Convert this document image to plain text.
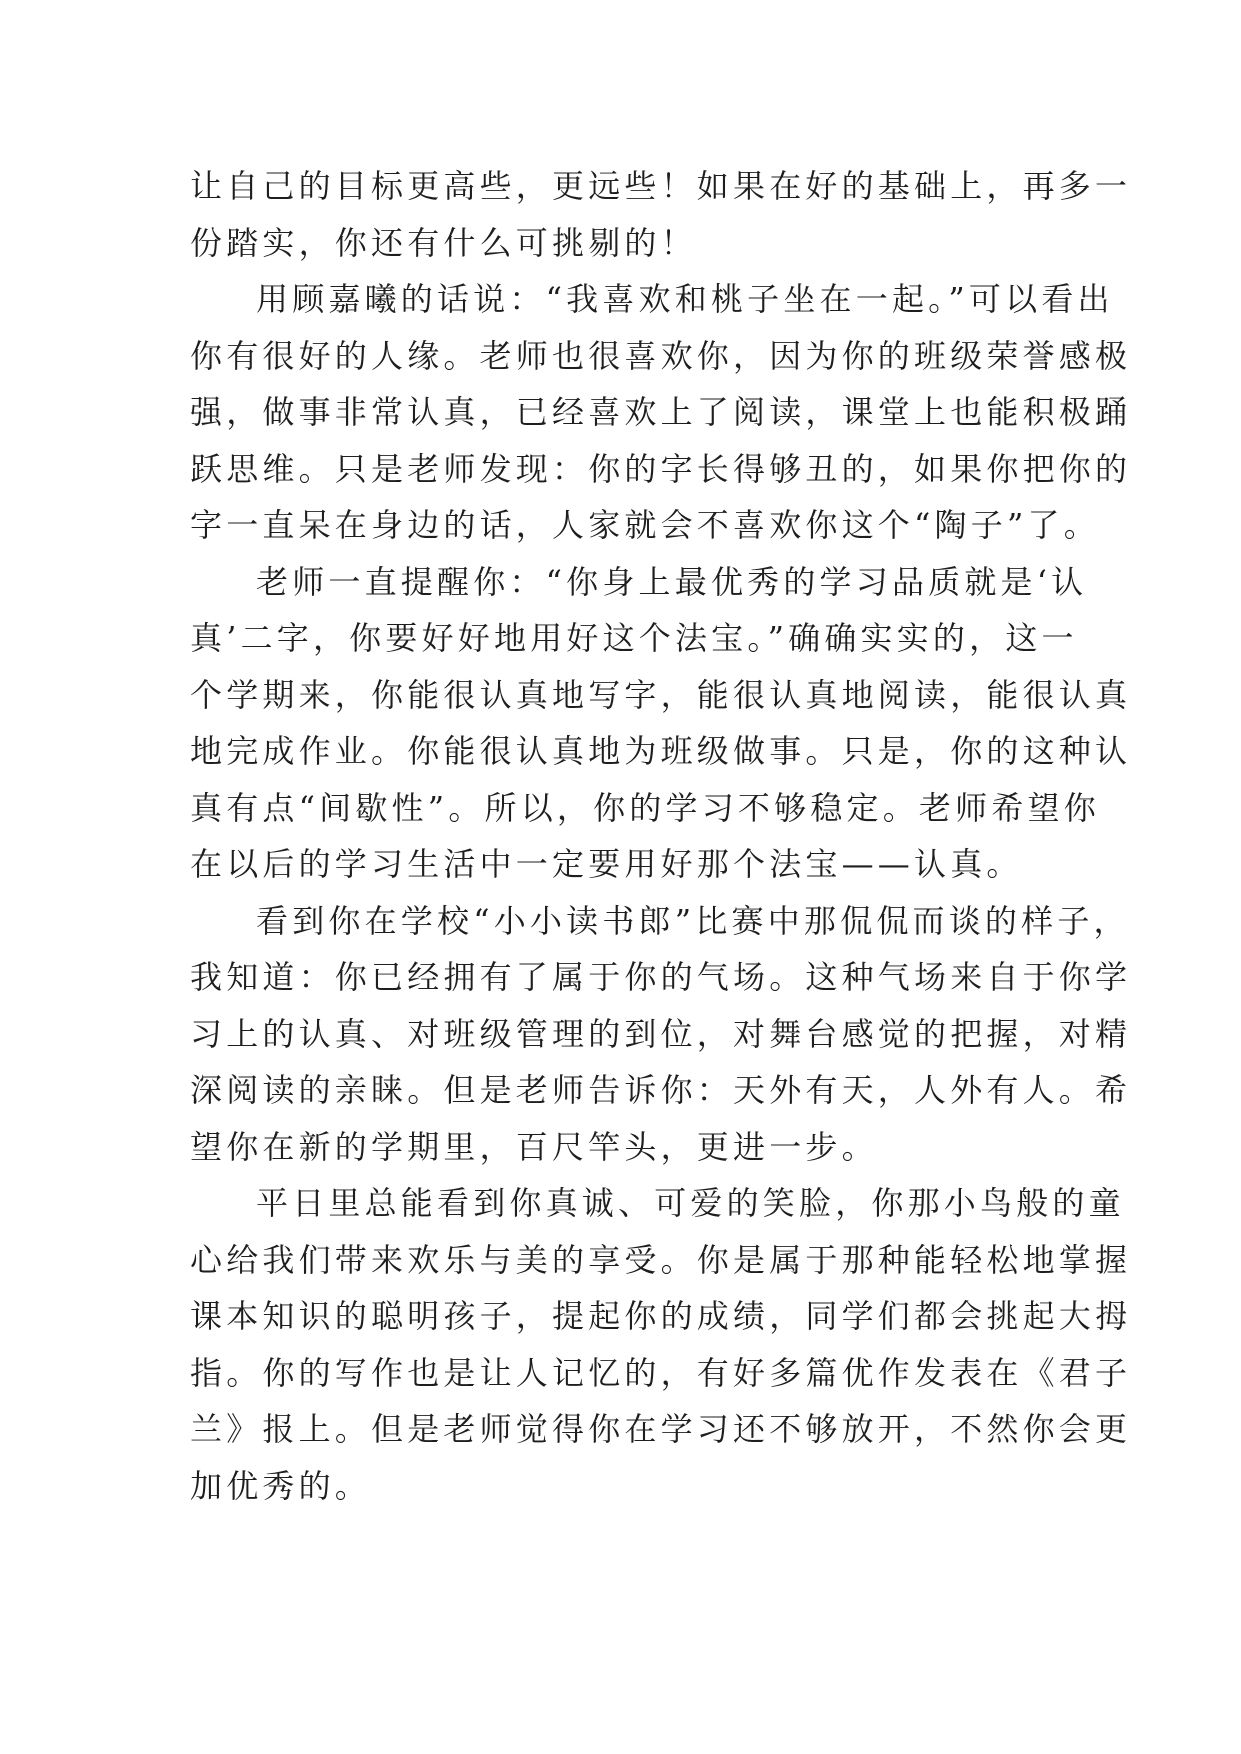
让自己的目标更高些，更远些！如果在好的基础上，再多一
份踏实，你还有什么可挑剔的！
用顾嘉曦的话说：“我喜欢和桃子坐在一起。”可以看出
你有很好的人缘。老师也很喜欢你，因为你的班级荣誉感极
强，做事非常认真，已经喜欢上了阅读，课堂上也能积极踊
跃思维。只是老师发现：你的字长得够丑的，如果你把你的
字一直呆在身边的话，人家就会不喜欢你这个“陶子”了。
老师一直提醒你：“你身上最优秀的学习品质就是‘认
真’二字，你要好好地用好这个法宝。”确确实实的，这一
个学期来，你能很认真地写字，能很认真地阅读，能很认真
地完成作业。你能很认真地为班级做事。只是，你的这种认
真有点“间歇性”。所以，你的学习不够稳定。老师希望你
在以后的学习生活中一定要用好那个法宝——认真。
看到你在学校“小小读书郎”比赛中那侃侃而谈的样子，
我知道：你已经拥有了属于你的气场。这种气场来自于你学
习上的认真、对班级管理的到位，对舞台感觉的把握，对精
深阅读的亲睐。但是老师告诉你：天外有天，人外有人。希
望你在新的学期里，百尺竿头，更进一步。
平日里总能看到你真诚、可爱的笑脸，你那小鸟般的童
心给我们带来欢乐与美的享受。你是属于那种能轻松地掌握
课本知识的聪明孩子，提起你的成绩，同学们都会挑起大拇
指。你的写作也是让人记忆的，有好多篇优作发表在《君子
兰》报上。但是老师觉得你在学习还不够放开，不然你会更
加优秀的。
